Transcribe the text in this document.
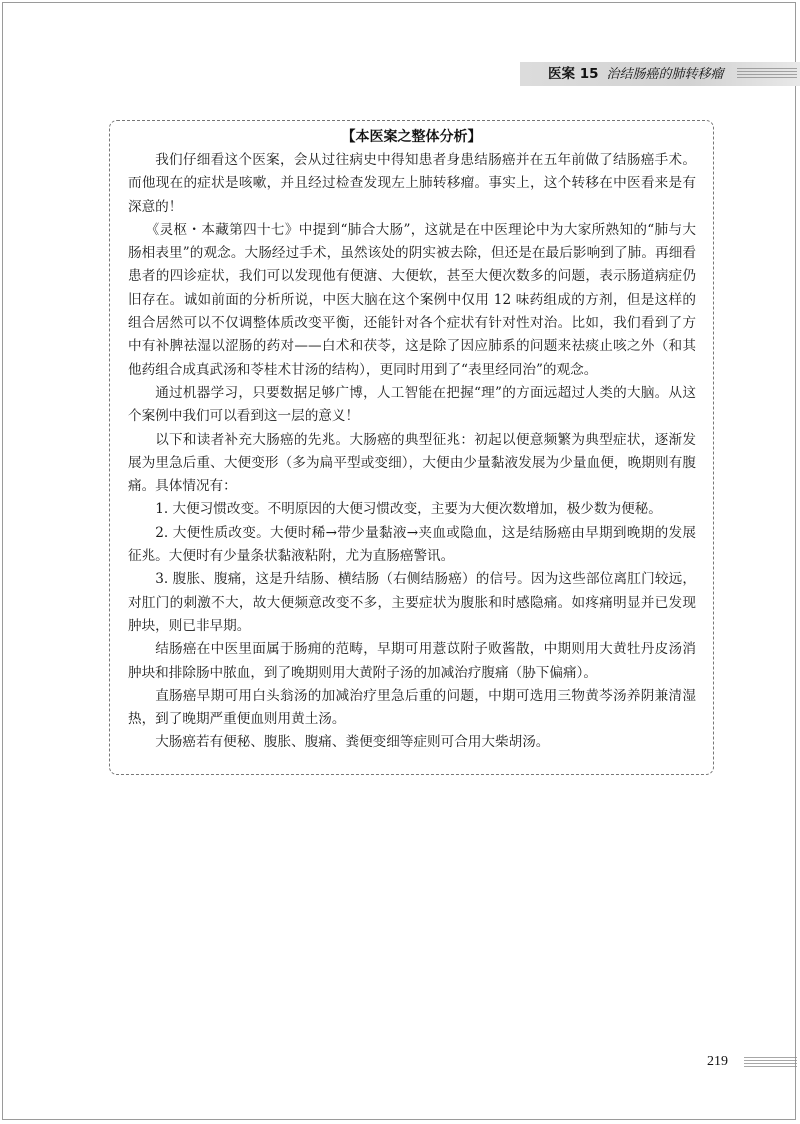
医案 15 治结肠癌的肺转移瘤
【本医案之整体分析】

我们仔细看这个医案，会从过往病史中得知患者身患结肠癌并在五年前做了结肠癌手术。而他现在的症状是咳嗽，并且经过检查发现左上肺转移瘤。事实上，这个转移在中医看来是有深意的！

《灵枢・本藏第四十七》中提到“肺合大肠”，这就是在中医理论中为大家所熟知的“肺与大肠相表里”的观念。大肠经过手术，虽然该处的阴实被去除，但还是在最后影响到了肺。再细看患者的四诊症状，我们可以发现他有便溏、大便软，甚至大便次数多的问题，表示肠道病症仍旧存在。诚如前面的分析所说，中医大脑在这个案例中仅用 12 味药组成的方剂，但是这样的组合居然可以不仅调整体质改变平衡，还能针对各个症状有针对性对治。比如，我们看到了方中有补脾祛湿以涩肠的药对——白术和茯苓，这是除了因应肺系的问题来祛痰止咳之外（和其他药组合成真武汤和苓桂术甘汤的结构），更同时用到了“表里经同治”的观念。

通过机器学习，只要数据足够广博，人工智能在把握“理”的方面远超过人类的大脑。从这个案例中我们可以看到这一层的意义！

以下和读者补充大肠癌的先兆。大肠癌的典型征兆：初起以便意频繁为典型症状，逐渐发展为里急后重、大便变形（多为扁平型或变细），大便由少量黏液发展为少量血便，晚期则有腹痛。具体情况有：

1. 大便习惯改变。不明原因的大便习惯改变，主要为大便次数增加，极少数为便秘。

2. 大便性质改变。大便时稀→带少量黏液→夹血或隐血，这是结肠癌由早期到晚期的发展征兆。大便时有少量条状黏液粘附，尤为直肠癌警讯。

3. 腹胀、腹痛，这是升结肠、横结肠（右侧结肠癌）的信号。因为这些部位离肛门较远，对肛门的刺激不大，故大便频意改变不多，主要症状为腹胀和时感隐痛。如疼痛明显并已发现肿块，则已非早期。

结肠癌在中医里面属于肠痈的范畴，早期可用薏苡附子败酱散，中期则用大黄牡丹皮汤消肿块和排除肠中脓血，到了晚期则用大黄附子汤的加减治疗腹痛（胁下偏痛）。

直肠癌早期可用白头翁汤的加减治疗里急后重的问题，中期可选用三物黄芩汤养阴兼清湿热，到了晚期严重便血则用黄土汤。

大肠癌若有便秘、腹胀、腹痛、粪便变细等症则可合用大柴胡汤。

219
